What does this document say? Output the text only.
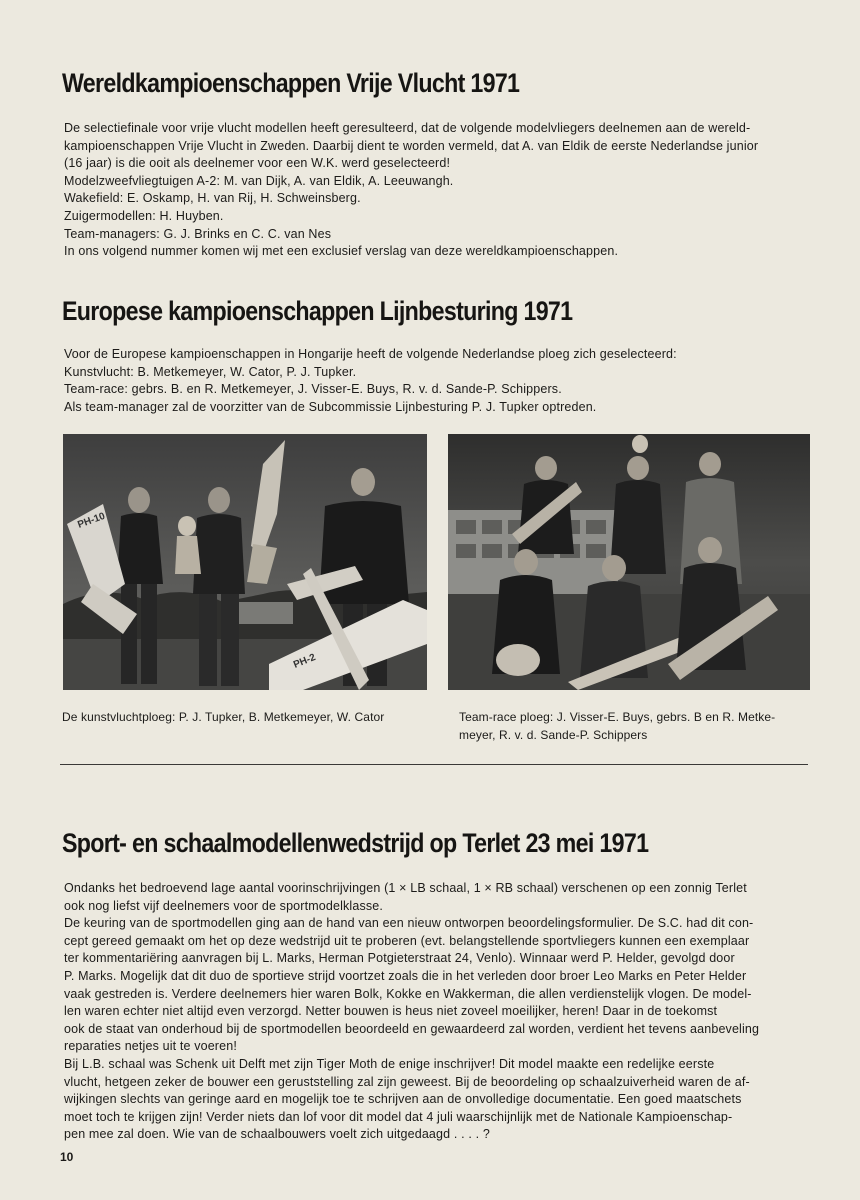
Wereldkampioenschappen Vrije Vlucht 1971
De selectiefinale voor vrije vlucht modellen heeft geresulteerd, dat de volgende modelvliegers deelnemen aan de wereld-
kampioenschappen Vrije Vlucht in Zweden. Daarbij dient te worden vermeld, dat A. van Eldik de eerste Nederlandse junior
(16 jaar) is die ooit als deelnemer voor een W.K. werd geselecteerd!
Modelzweefvliegtuigen A-2: M. van Dijk, A. van Eldik, A. Leeuwangh.
Wakefield: E. Oskamp, H. van Rij, H. Schweinsberg.
Zuigermodellen: H. Huyben.
Team-managers: G. J. Brinks en C. C. van Nes
In ons volgend nummer komen wij met een exclusief verslag van deze wereldkampioenschappen.
Europese kampioenschappen Lijnbesturing 1971
Voor de Europese kampioenschappen in Hongarije heeft de volgende Nederlandse ploeg zich geselecteerd:
Kunstvlucht: B. Metkemeyer, W. Cator, P. J. Tupker.
Team-race: gebrs. B. en R. Metkemeyer, J. Visser-E. Buys, R. v. d. Sande-P. Schippers.
Als team-manager zal de voorzitter van de Subcommissie Lijnbesturing P. J. Tupker optreden.
PH-10
PH-2
De kunstvluchtploeg: P. J. Tupker, B. Metkemeyer, W. Cator	Team-race ploeg: J. Visser-E. Buys, gebrs. B en R. Metke-
meyer, R. v. d. Sande-P. Schippers
Sport- en schaalmodellenwedstrijd op Terlet 23 mei 1971
Ondanks het bedroevend lage aantal voorinschrijvingen (1 × LB schaal, 1 × RB schaal) verschenen op een zonnig Terlet
ook nog liefst vijf deelnemers voor de sportmodelklasse.
De keuring van de sportmodellen ging aan de hand van een nieuw ontworpen beoordelingsformulier. De S.C. had dit con-
cept gereed gemaakt om het op deze wedstrijd uit te proberen (evt. belangstellende sportvliegers kunnen een exemplaar
ter kommentariëring aanvragen bij L. Marks, Herman Potgieterstraat 24, Venlo). Winnaar werd P. Helder, gevolgd door
P. Marks. Mogelijk dat dit duo de sportieve strijd voortzet zoals die in het verleden door broer Leo Marks en Peter Helder
vaak gestreden is. Verdere deelnemers hier waren Bolk, Kokke en Wakkerman, die allen verdienstelijk vlogen. De model-
len waren echter niet altijd even verzorgd. Netter bouwen is heus niet zoveel moeilijker, heren! Daar in de toekomst
ook de staat van onderhoud bij de sportmodellen beoordeeld en gewaardeerd zal worden, verdient het tevens aanbeveling
reparaties netjes uit te voeren!
Bij L.B. schaal was Schenk uit Delft met zijn Tiger Moth de enige inschrijver! Dit model maakte een redelijke eerste
vlucht, hetgeen zeker de bouwer een geruststelling zal zijn geweest. Bij de beoordeling op schaalzuiverheid waren de af-
wijkingen slechts van geringe aard en mogelijk toe te schrijven aan de onvolledige documentatie. Een goed maatschets
moet toch te krijgen zijn! Verder niets dan lof voor dit model dat 4 juli waarschijnlijk met de Nationale Kampioenschap-
pen mee zal doen. Wie van de schaalbouwers voelt zich uitgedaagd . . . . ?
10
